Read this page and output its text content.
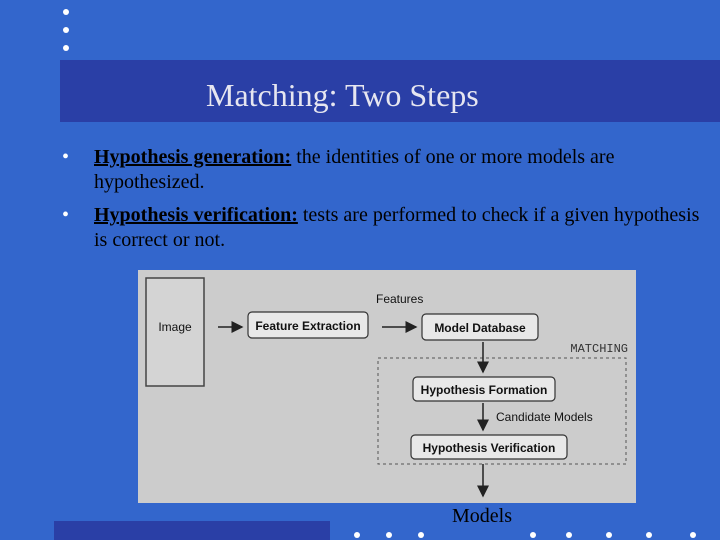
Matching: Two Steps
• Hypothesis generation: the identities of one or more models are hypothesized.
• Hypothesis verification: tests are performed to check if a given hypothesis is correct or not.
Image	Feature Extraction
Features
Model Database
MATCHING
Hypothesis Formation
Candidate Models
Hypothesis Verification
Models
